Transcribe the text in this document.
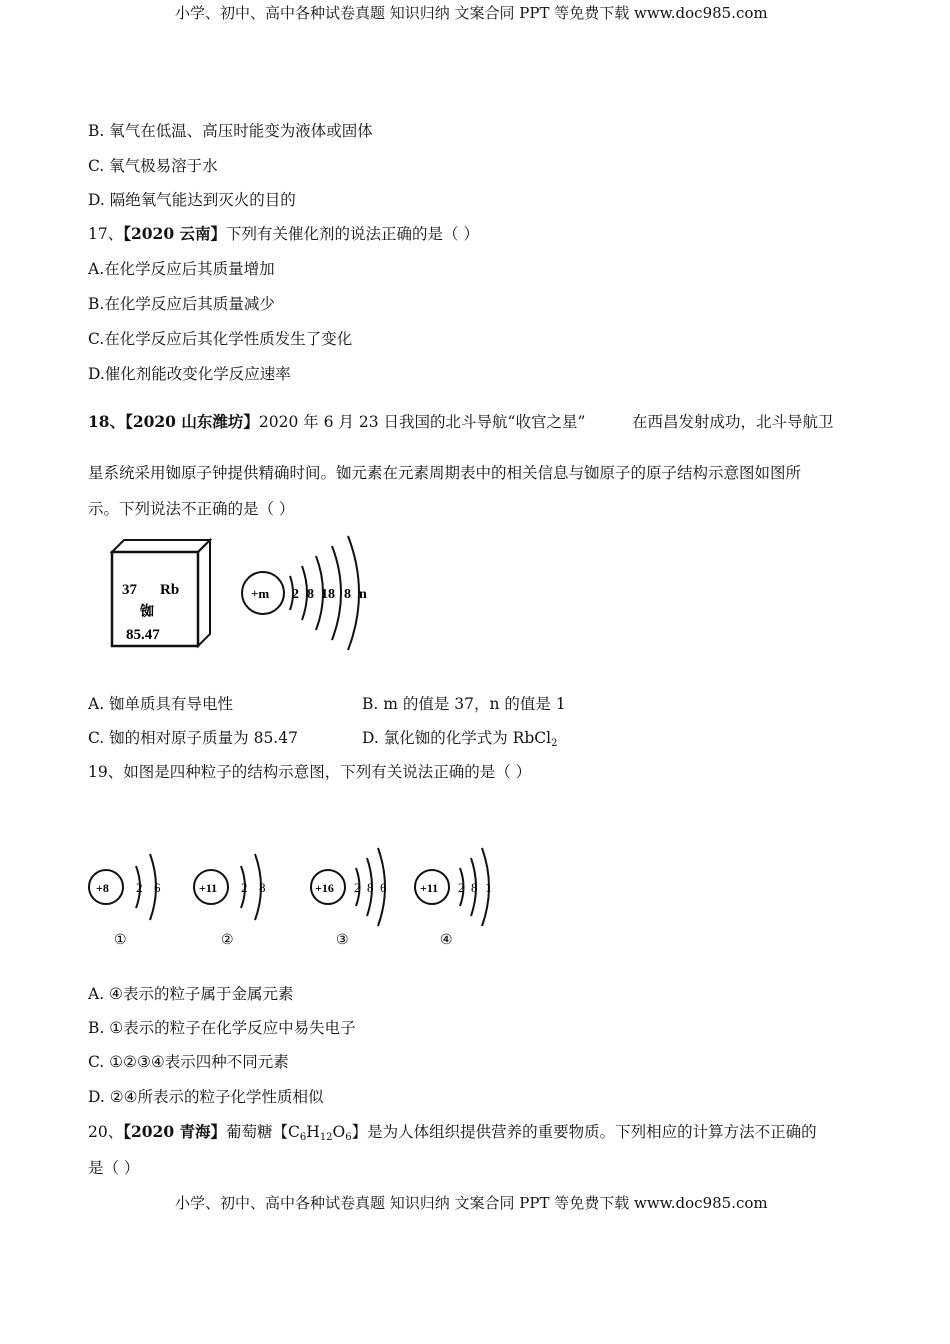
小学、初中、高中各种试卷真题 知识归纳 文案合同 PPT 等免费下载 www.doc985.com
B. 氧气在低温、高压时能变为液体或固体
C. 氧气极易溶于水
D. 隔绝氧气能达到灭火的目的
17、【2020 云南】下列有关催化剂的说法正确的是（ ）
A.在化学反应后其质量增加
B.在化学反应后其质量减少
C.在化学反应后其化学性质发生了变化
D.催化剂能改变化学反应速率
18、【2020 山东潍坊】2020 年 6 月 23 日我国的北斗导航“收官之星”	在西昌发射成功，北斗导航卫
星系统采用铷原子钟提供精确时间。铷元素在元素周期表中的相关信息与铷原子的原子结构示意图如图所
示。下列说法不正确的是（ ）
37 Rb
铷
85.47
+m 2 8 18 8 n
A. 铷单质具有导电性	B. m 的值是 37，n 的值是 1
C. 铷的相对原子质量为 85.47	D. 氯化铷的化学式为 RbCl$_2$
19、如图是四种粒子的结构示意图，下列有关说法正确的是（ ）
+8 2 6
①
+11 2 8
②
+16 2 8 6
③
+11 2 8 1
④
A. ④表示的粒子属于金属元素
B. ①表示的粒子在化学反应中易失电子
C. ①②③④表示四种不同元素
D. ②④所表示的粒子化学性质相似
20、【2020 青海】葡萄糖【$C_6H_{12}O_6$】是为人体组织提供营养的重要物质。下列相应的计算方法不正确的
是（ ）
小学、初中、高中各种试卷真题 知识归纳 文案合同 PPT 等免费下载 www.doc985.com
